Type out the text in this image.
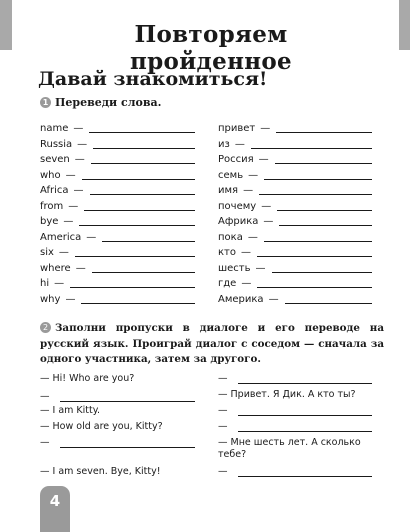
Повторяем пройденное
Давай знакомиться!
1 Переведи слова.
name —
Russia —
seven —
who —
Africa —
from —
bye —
America —
six —
where —
hi —
why —
привет —
из —
Россия —
семь —
имя —
почему —
Африка —
пока —
кто —
шесть —
где —
Америка —
2 Заполни пропуски в диалоге и его переводе на русский язык. Проиграй диалог с соседом — сначала за одного участника, затем за другого.
— Hi! Who are you?
—
— I am Kitty.
— How old are you, Kitty?
—
— I am seven. Bye, Kitty!
—
— Привет. Я Дик. А кто ты?
—
—
— Мне шесть лет. А сколько тебе?
—
4
